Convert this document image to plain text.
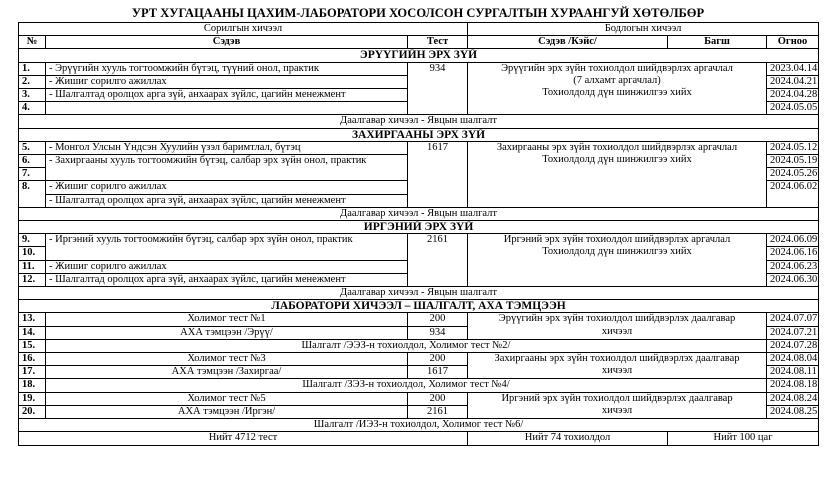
УРТ ХУГАЦААНЫ ЦАХИМ-ЛАБОРАТОРИ ХОСОЛСОН СУРГАЛТЫН ХУРААНГУЙ ХӨТӨЛБӨР
Сорилгын хичээл			Бодлогын хичээл		
№	Сэдэв	Тест	Сэдэв /Кэйс/	Багш	Огноо
ЭРҮҮГИЙН ЭРХ ЗҮЙ					
1.	- Эрүүгийн хууль тогтоомжийн бүтэц, түүний онол, практик	934	Эрүүгийн эрх зүйн тохиолдол шийдвэрлэх аргачлал
(7 алхамт аргачлал)
Тохиолдолд дүн шинжилгээ хийх		2023.04.14
2.	- Жишиг сорилго ажиллах				2024.04.21
3.	- Шалгалтад оролцох арга зүй, анхаарах зүйлс, цагийн менежмент				2024.04.28
4.					2024.05.05
Даалгавар хичээл - Явцын шалгалт					
ЗАХИРГААНЫ ЭРХ ЗҮЙ					
5.	- Монгол Улсын Үндсэн Хуулийн үзэл баримтлал, бүтэц	1617	Захиргааны эрх зүйн тохиолдол шийдвэрлэх аргачлал
Тохиолдолд дүн шинжилгээ хийх		2024.05.12
6.	- Захиргааны хууль тогтоомжийн бүтэц, салбар эрх зүйн онол, практик				2024.05.19
7.					2024.05.26
8.	- Жишиг сорилго ажиллах				2024.06.02
	- Шалгалтад оролцох арга зүй, анхаарах зүйлс, цагийн менежмент				
Даалгавар хичээл - Явцын шалгалт					
ИРГЭНИЙ ЭРХ ЗҮЙ					
9.	- Иргэний хууль тогтоомжийн бүтэц, салбар эрх зүйн онол, практик	2161	Иргэний эрх зүйн тохиолдол шийдвэрлэх аргачлал
Тохиолдолд дүн шинжилгээ хийх		2024.06.09
10.					2024.06.16
11.	- Жишиг сорилго ажиллах				2024.06.23
12.	- Шалгалтад оролцох арга зүй, анхаарах зүйлс, цагийн менежмент				2024.06.30
Даалгавар хичээл - Явцын шалгалт					
ЛАБОРАТОРИ ХИЧЭЭЛ – ШАЛГАЛТ, АХА ТЭМЦЭЭН					
13.	Холимог тест №1	200	Эрүүгийн эрх зүйн тохиолдол шийдвэрлэх даалгавар
хичээл		2024.07.07
14.	АХА тэмцээн /Эрүү/	934			2024.07.21
15.	Шалгалт /ЭЭЗ-н тохиолдол, Холимог тест №2/				2024.07.28
16.	Холимог тест №3	200	Захиргааны эрх зүйн тохиолдол шийдвэрлэх даалгавар
хичээл		2024.08.04
17.	АХА тэмцээн /Захиргаа/	1617			2024.08.11
18.	Шалгалт /ЗЭЗ-н тохиолдол, Холимог тест №4/				2024.08.18
19.	Холимог тест №5	200	Иргэний эрх зүйн тохиолдол шийдвэрлэх даалгавар
хичээл		2024.08.24
20.	АХА тэмцээн /Иргэн/	2161			2024.08.25
Шалгалт /ИЭЗ-н тохиолдол, Холимог тест №6/					
Нийт 4712 тест			Нийт 74 тохиолдол	Нийт 100 цаг	
